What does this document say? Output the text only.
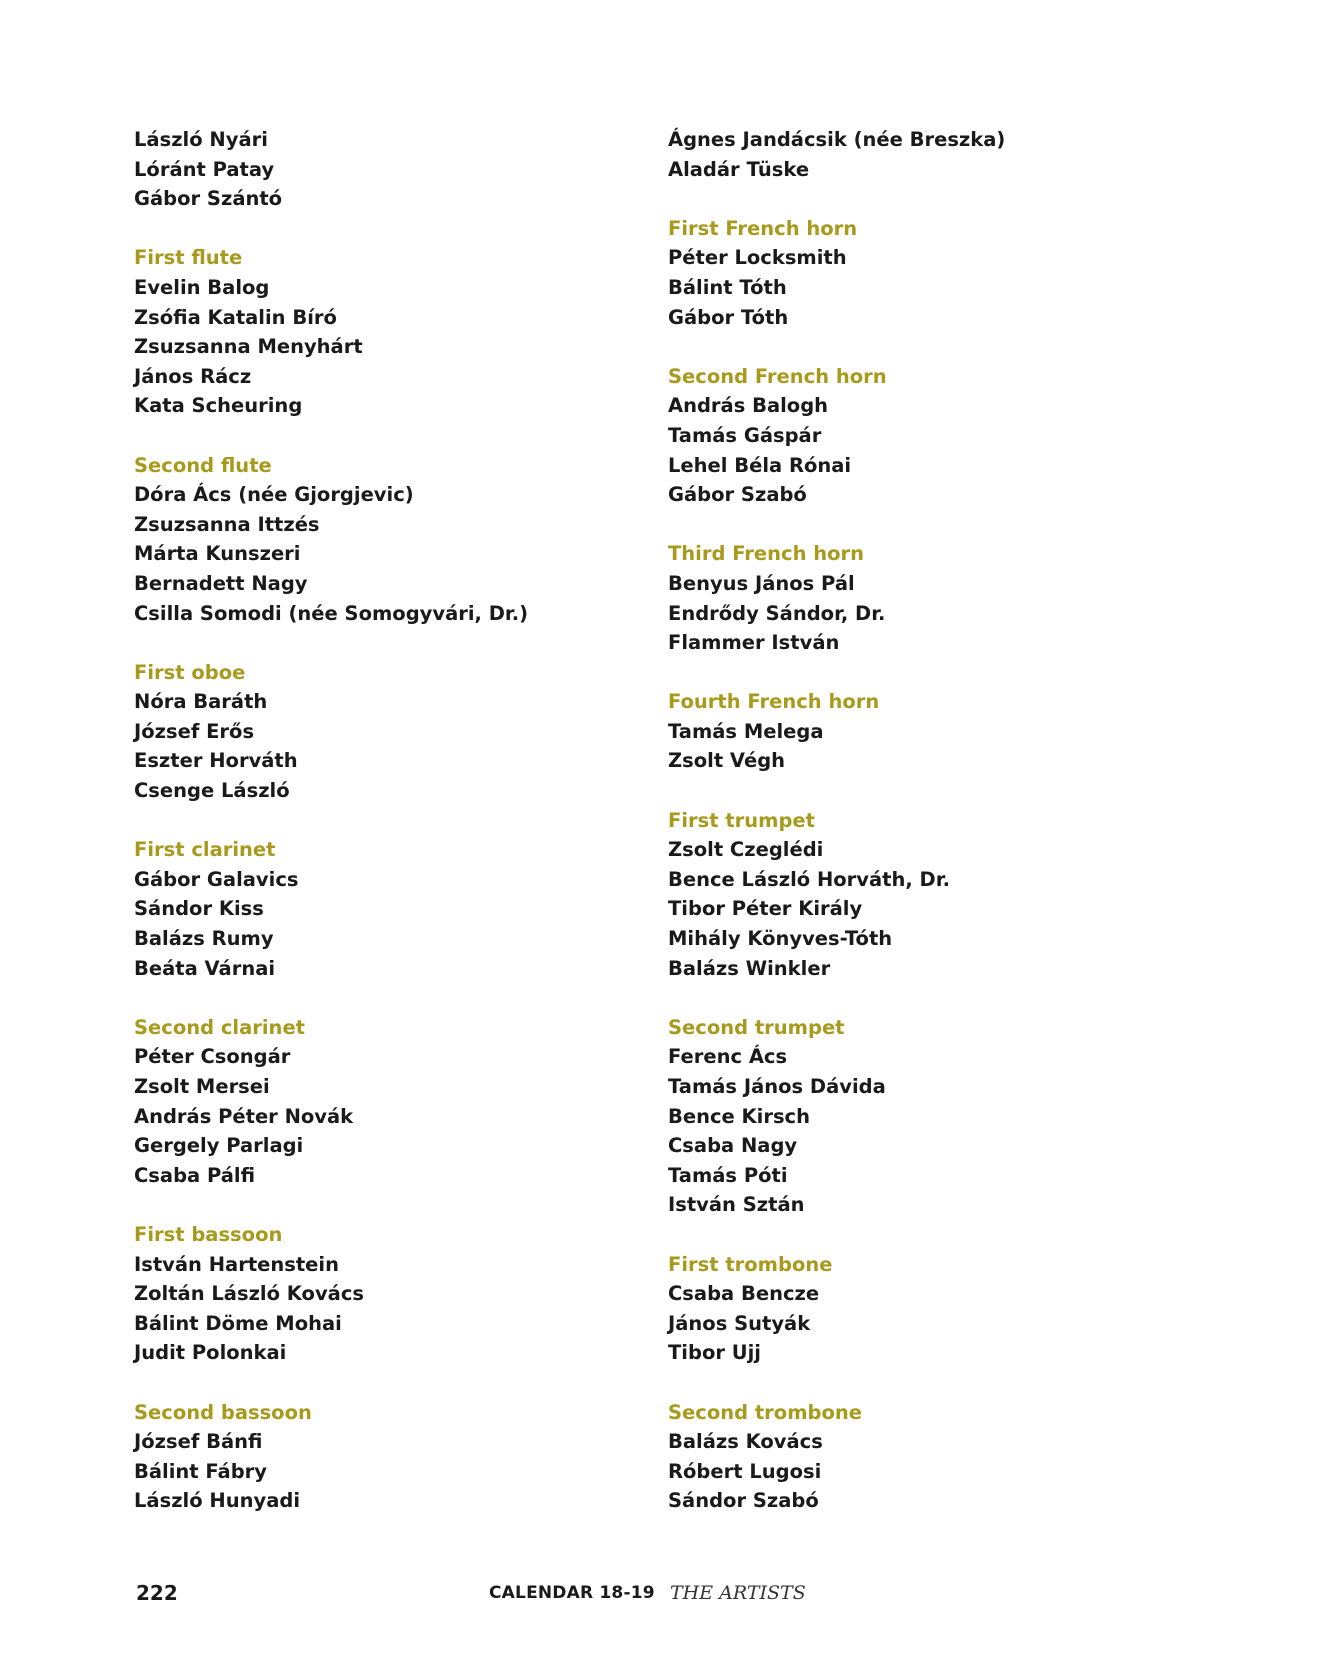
László Nyári
Lóránt Patay
Gábor Szántó
First flute
Evelin Balog
Zsófia Katalin Bíró
Zsuzsanna Menyhárt
János Rácz
Kata Scheuring
Second flute
Dóra Ács (née Gjorgjevic)
Zsuzsanna Ittzés
Márta Kunszeri
Bernadett Nagy
Csilla Somodi (née Somogyvári, Dr.)
First oboe
Nóra Baráth
József Erős
Eszter Horváth
Csenge László
First clarinet
Gábor Galavics
Sándor Kiss
Balázs Rumy
Beáta Várnai
Second clarinet
Péter Csongár
Zsolt Mersei
András Péter Novák
Gergely Parlagi
Csaba Pálfi
First bassoon
István Hartenstein
Zoltán László Kovács
Bálint Döme Mohai
Judit Polonkai
Second bassoon
József Bánfi
Bálint Fábry
László Hunyadi
Ágnes Jandácsik (née Breszka)
Aladár Tüske
First French horn
Péter Locksmith
Bálint Tóth
Gábor Tóth
Second French horn
András Balogh
Tamás Gáspár
Lehel Béla Rónai
Gábor Szabó
Third French horn
Benyus János Pál
Endrődy Sándor, Dr.
Flammer István
Fourth French horn
Tamás Melega
Zsolt Végh
First trumpet
Zsolt Czeglédi
Bence László Horváth, Dr.
Tibor Péter Király
Mihály Könyves-Tóth
Balázs Winkler
Second trumpet
Ferenc Ács
Tamás János Dávida
Bence Kirsch
Csaba Nagy
Tamás Póti
István Sztán
First trombone
Csaba Bencze
János Sutyák
Tibor Ujj
Second trombone
Balázs Kovács
Róbert Lugosi
Sándor Szabó
222	CALENDAR 18-19 THE ARTISTS
